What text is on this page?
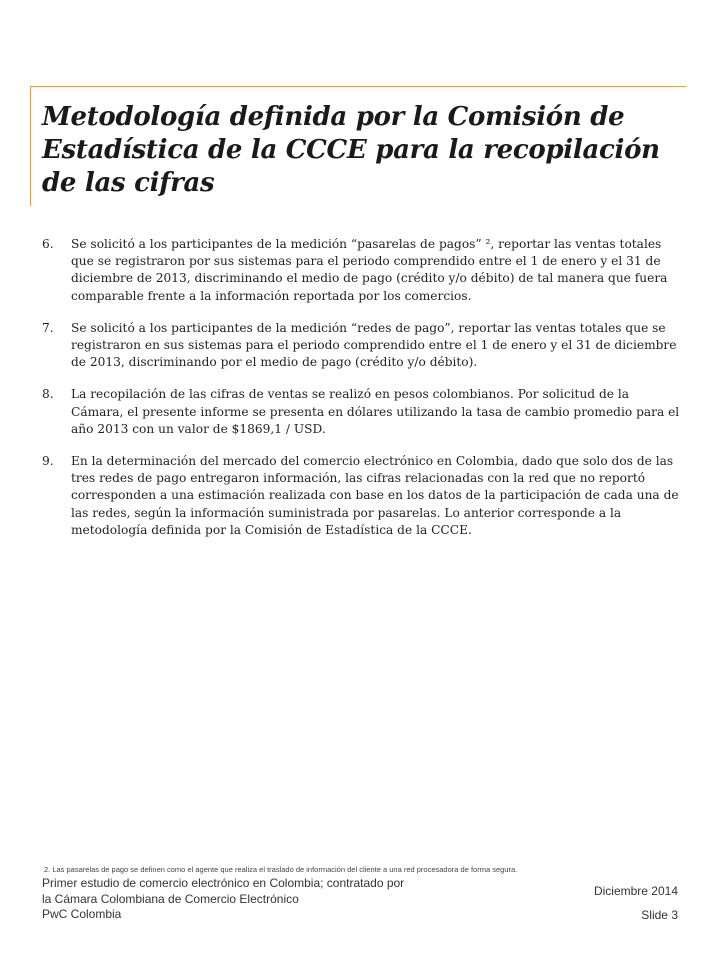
Metodología definida por la Comisión de Estadística de la CCCE para la recopilación de las cifras
6.	Se solicitó a los participantes de la medición “pasarelas de pagos” ², reportar las ventas totales que se registraron por sus sistemas para el periodo comprendido entre el 1 de enero y el 31 de diciembre de 2013, discriminando el medio de pago (crédito y/o débito) de tal manera que fuera comparable frente a la información reportada por los comercios.
7.	Se solicitó a los participantes de la medición “redes de pago”, reportar las ventas totales que se registraron en sus sistemas para el periodo comprendido entre el 1 de enero y el 31 de diciembre de 2013, discriminando por el medio de pago (crédito y/o débito).
8.	La recopilación de las cifras de ventas se realizó en pesos colombianos. Por solicitud de la Cámara, el presente informe se presenta en dólares utilizando la tasa de cambio promedio para el año 2013 con un valor de $1869,1 / USD.
9.	En la determinación del mercado del comercio electrónico en Colombia, dado que solo dos de las tres redes de pago entregaron información, las cifras relacionadas con la red que no reportó corresponden a una estimación realizada con base en los datos de la participación de cada una de las redes, según la información suministrada por pasarelas. Lo anterior corresponde a la metodología definida por la Comisión de Estadística de la CCCE.
2. Las pasarelas de pago se definen como el agente que realiza el traslado de información del cliente a una red procesadora de forma segura.
Primer estudio de comercio electrónico en Colombia; contratado por
la Cámara Colombiana de Comercio Electrónico
PwC Colombia
Diciembre 2014
Slide 3
